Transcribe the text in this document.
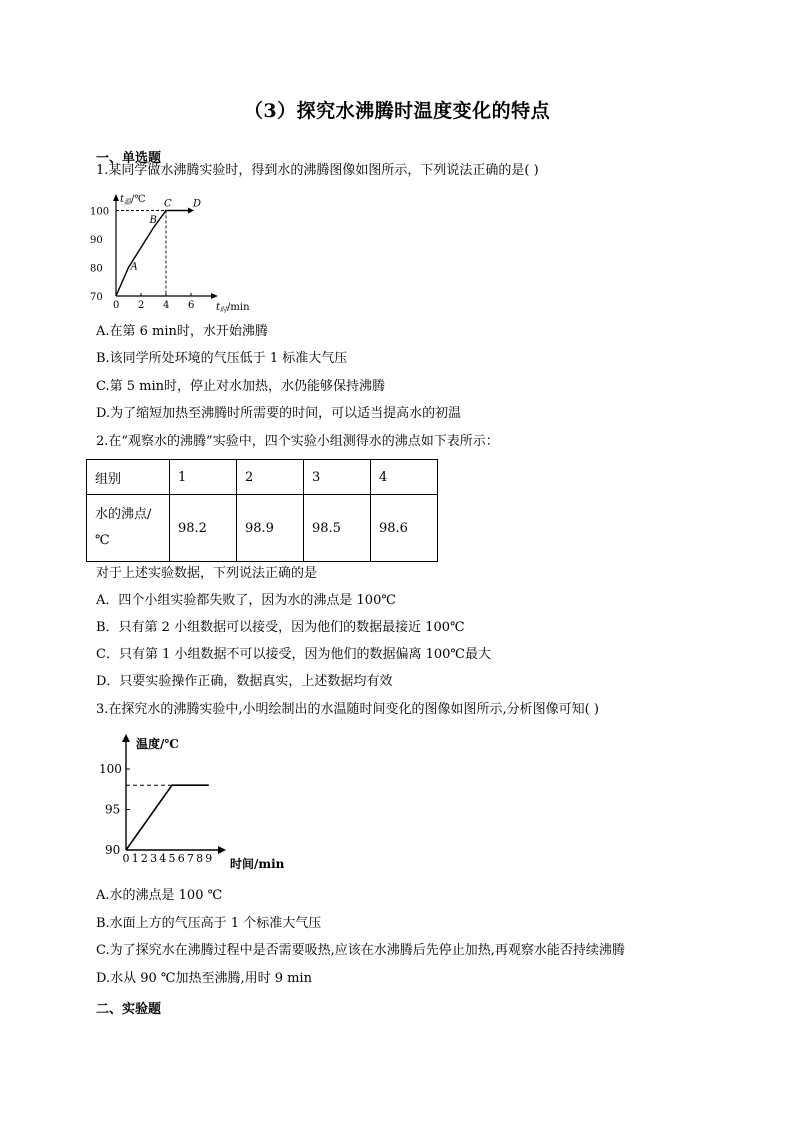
（3）探究水沸腾时温度变化的特点
一、单选题
1.某同学做水沸腾实验时，得到水的沸腾图像如图所示，下列说法正确的是( )
$t_温/℃$
$t_时/\min$
0 2 4 6
70
80
90
100
A
B
C D
A.在第 6 min时，水开始沸腾
B.该同学所处环境的气压低于 1 标准大气压
C.第 5 min时，停止对水加热，水仍能够保持沸腾
D.为了缩短加热至沸腾时所需要的时间，可以适当提高水的初温
2.在“观察水的沸腾”实验中，四个实验小组测得水的沸点如下表所示：
组别	1	2	3	4

水的沸点/
℃	98.2	98.9	98.5	98.6
对于上述实验数据，下列说法正确的是
A．四个小组实验都失败了，因为水的沸点是 100℃
B．只有第 2 小组数据可以接受，因为他们的数据最接近 100℃
C．只有第 1 小组数据不可以接受，因为他们的数据偏离 100℃最大
D．只要实验操作正确，数据真实，上述数据均有效
3.在探究水的沸腾实验中,小明绘制出的水温随时间变化的图像如图所示,分析图像可知( )
温度/℃
时间/min
0 1 2 3 4 5 6 7 8 9
90
95
100
A.水的沸点是 100 ℃
B.水面上方的气压高于 1 个标准大气压
C.为了探究水在沸腾过程中是否需要吸热,应该在水沸腾后先停止加热,再观察水能否持续沸腾
D.水从 90 ℃加热至沸腾,用时 9 min
二、实验题
